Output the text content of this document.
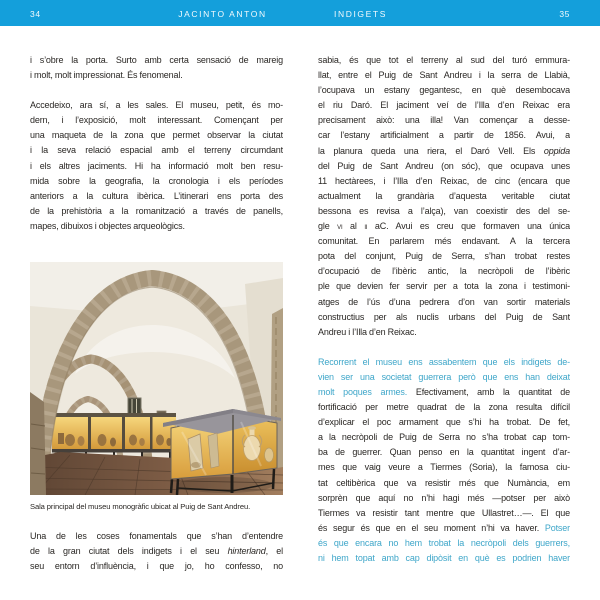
34	JACINTO ANTON	INDIGETS	35
i s’obre la porta. Surto amb certa sensació de mareig
i molt, molt impressionat. És fenomenal.
Accedeixo, ara sí, a les sales. El museu, petit, és mo-
dern, i l’exposició, molt interessant. Començant per
una maqueta de la zona que permet observar la ciutat
i la seva relació espacial amb el terreny circumdant
i els altres jaciments. Hi ha informació molt ben resu-
mida sobre la geografia, la cronologia i els períodes
anteriors a la cultura ibèrica. L’itinerari ens porta des
de la prehistòria a la romanització a través de panells,
mapes, dibuixos i objectes arqueològics.
Sala principal del museu monogràfic ubicat al Puig de Sant Andreu.
Una de les coses fonamentals que s’han d’entendre
de la gran ciutat dels indigets i el seu hinterland, el
seu entorn d’influència, i que jo, ho confesso, no
sabia, és que tot el terreny al sud del turó emmura-
llat, entre el Puig de Sant Andreu i la serra de Llabià,
l’ocupava un estany gegantesc, en què desembocava
el riu Daró. El jaciment veí de l’Illa d’en Reixac era
precisament això: una illa! Van començar a desse-
car l’estany artificialment a partir de 1856. Avui, a
la planura queda una riera, el Daró Vell. Els oppida
del Puig de Sant Andreu (on sóc), que ocupava unes
11 hectàrees, i l’Illa d’en Reixac, de cinc (encara que
actualment la grandària d’aquesta veritable ciutat
bessona es revisa a l’alça), van coexistir des del se-
gle vi al ii aC. Avui es creu que formaven una única
comunitat. En parlarem més endavant. A la tercera
pota del conjunt, Puig de Serra, s’han trobat restes
d’ocupació de l’ibèric antic, la necròpoli de l’ibèric
ple que devien fer servir per a tota la zona i testimoni-
atges de l’ús d’una pedrera d’on van sortir materials
constructius per als nuclis urbans del Puig de Sant
Andreu i l’Illa d’en Reixac.
Recorrent el museu ens assabentem que els indigets de-
vien ser una societat guerrera però que ens han deixat
molt poques armes. Efectivament, amb la quantitat de
fortificació per metre quadrat de la zona resulta difícil
d’explicar el poc armament que s’hi ha trobat. De fet,
a la necròpoli de Puig de Serra no s’ha trobat cap tom-
ba de guerrer. Quan penso en la quantitat ingent d’ar-
mes que vaig veure a Tiermes (Soria), la famosa ciu-
tat celtibèrica que va resistir més que Numància, em
sorprèn que aquí no n’hi hagi més —potser per això
Tiermes va resistir tant mentre que Ullastret…—. El que
és segur és que en el seu moment n’hi va haver. Potser
és que encara no hem trobat la necròpoli dels guerrers,
ni hem topat amb cap dipòsit en què es podrien haver
